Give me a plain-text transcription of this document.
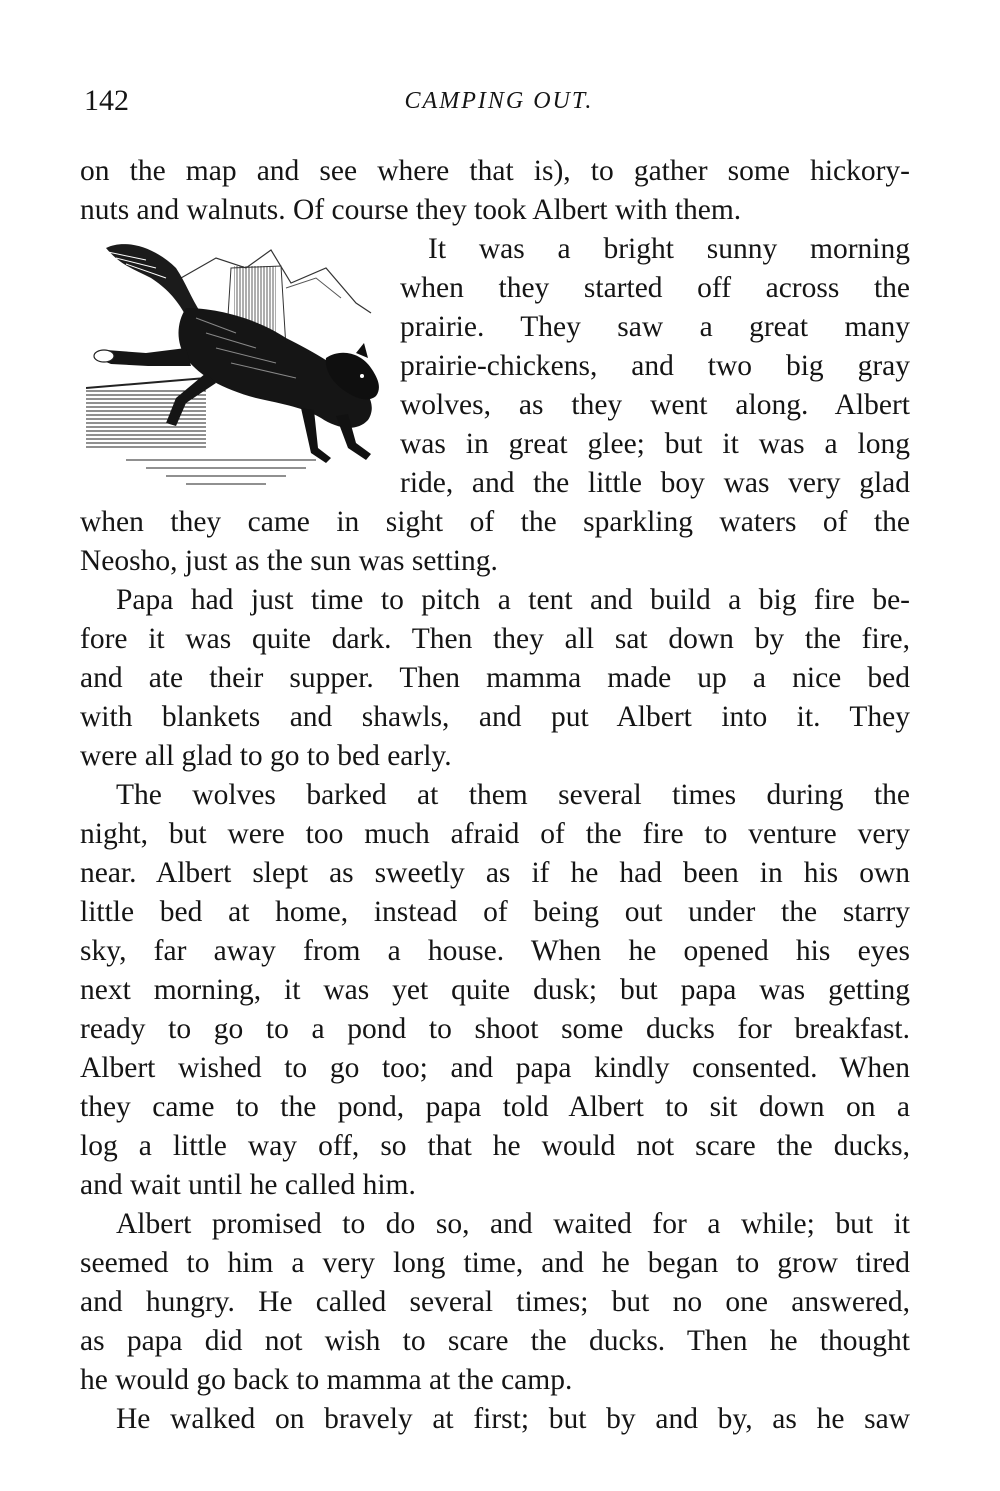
142	CAMPING OUT.
on the map and see where that is), to gather some hickory-
nuts and walnuts. Of course they took Albert with them.
It was a bright sunny morning
when they started off across the
prairie. They saw a great many
prairie-chickens, and two big gray
wolves, as they went along. Albert
was in great glee; but it was a long
ride, and the little boy was very glad
when they came in sight of the sparkling waters of the
Neosho, just as the sun was setting.
Papa had just time to pitch a tent and build a big fire be-
fore it was quite dark. Then they all sat down by the fire,
and ate their supper. Then mamma made up a nice bed
with blankets and shawls, and put Albert into it. They
were all glad to go to bed early.
The wolves barked at them several times during the
night, but were too much afraid of the fire to venture very
near. Albert slept as sweetly as if he had been in his own
little bed at home, instead of being out under the starry
sky, far away from a house. When he opened his eyes
next morning, it was yet quite dusk; but papa was getting
ready to go to a pond to shoot some ducks for breakfast.
Albert wished to go too; and papa kindly consented. When
they came to the pond, papa told Albert to sit down on a
log a little way off, so that he would not scare the ducks,
and wait until he called him.
Albert promised to do so, and waited for a while; but it
seemed to him a very long time, and he began to grow tired
and hungry. He called several times; but no one answered,
as papa did not wish to scare the ducks. Then he thought
he would go back to mamma at the camp.
He walked on bravely at first; but by and by, as he saw
